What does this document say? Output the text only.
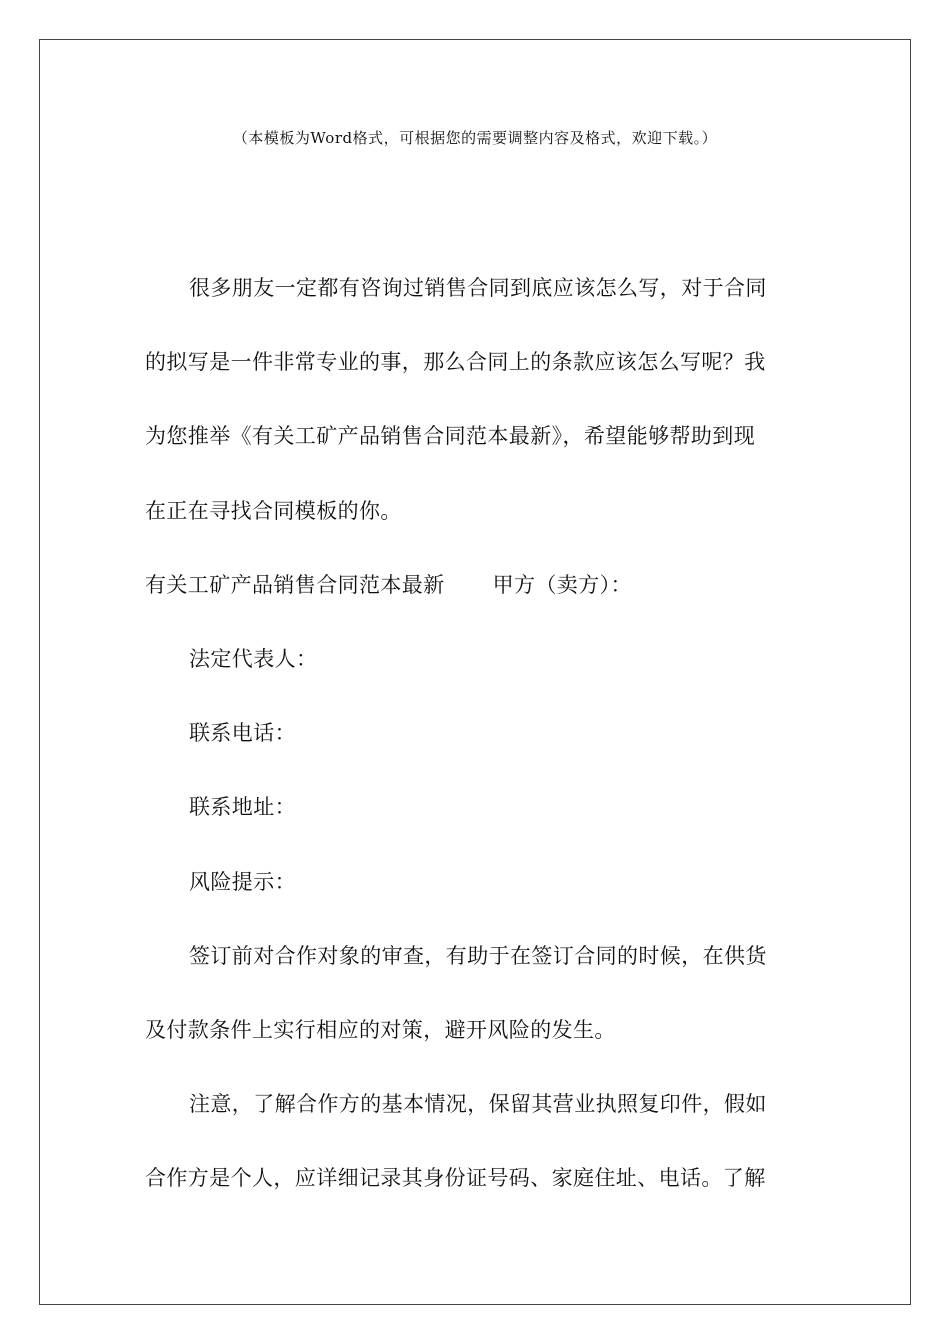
（本模板为Word格式，可根据您的需要调整内容及格式，欢迎下载。）
很多朋友一定都有咨询过销售合同到底应该怎么写，对于合同
的拟写是一件非常专业的事，那么合同上的条款应该怎么写呢？我
为您推举《有关工矿产品销售合同范本最新》，希望能够帮助到现
在正在寻找合同模板的你。
有关工矿产品销售合同范本最新 甲方（卖方）：
法定代表人：
联系电话：
联系地址：
风险提示：
签订前对合作对象的审查，有助于在签订合同的时候，在供货
及付款条件上实行相应的对策，避开风险的发生。
注意，了解合作方的基本情况，保留其营业执照复印件，假如
合作方是个人，应详细记录其身份证号码、家庭住址、电话。了解
